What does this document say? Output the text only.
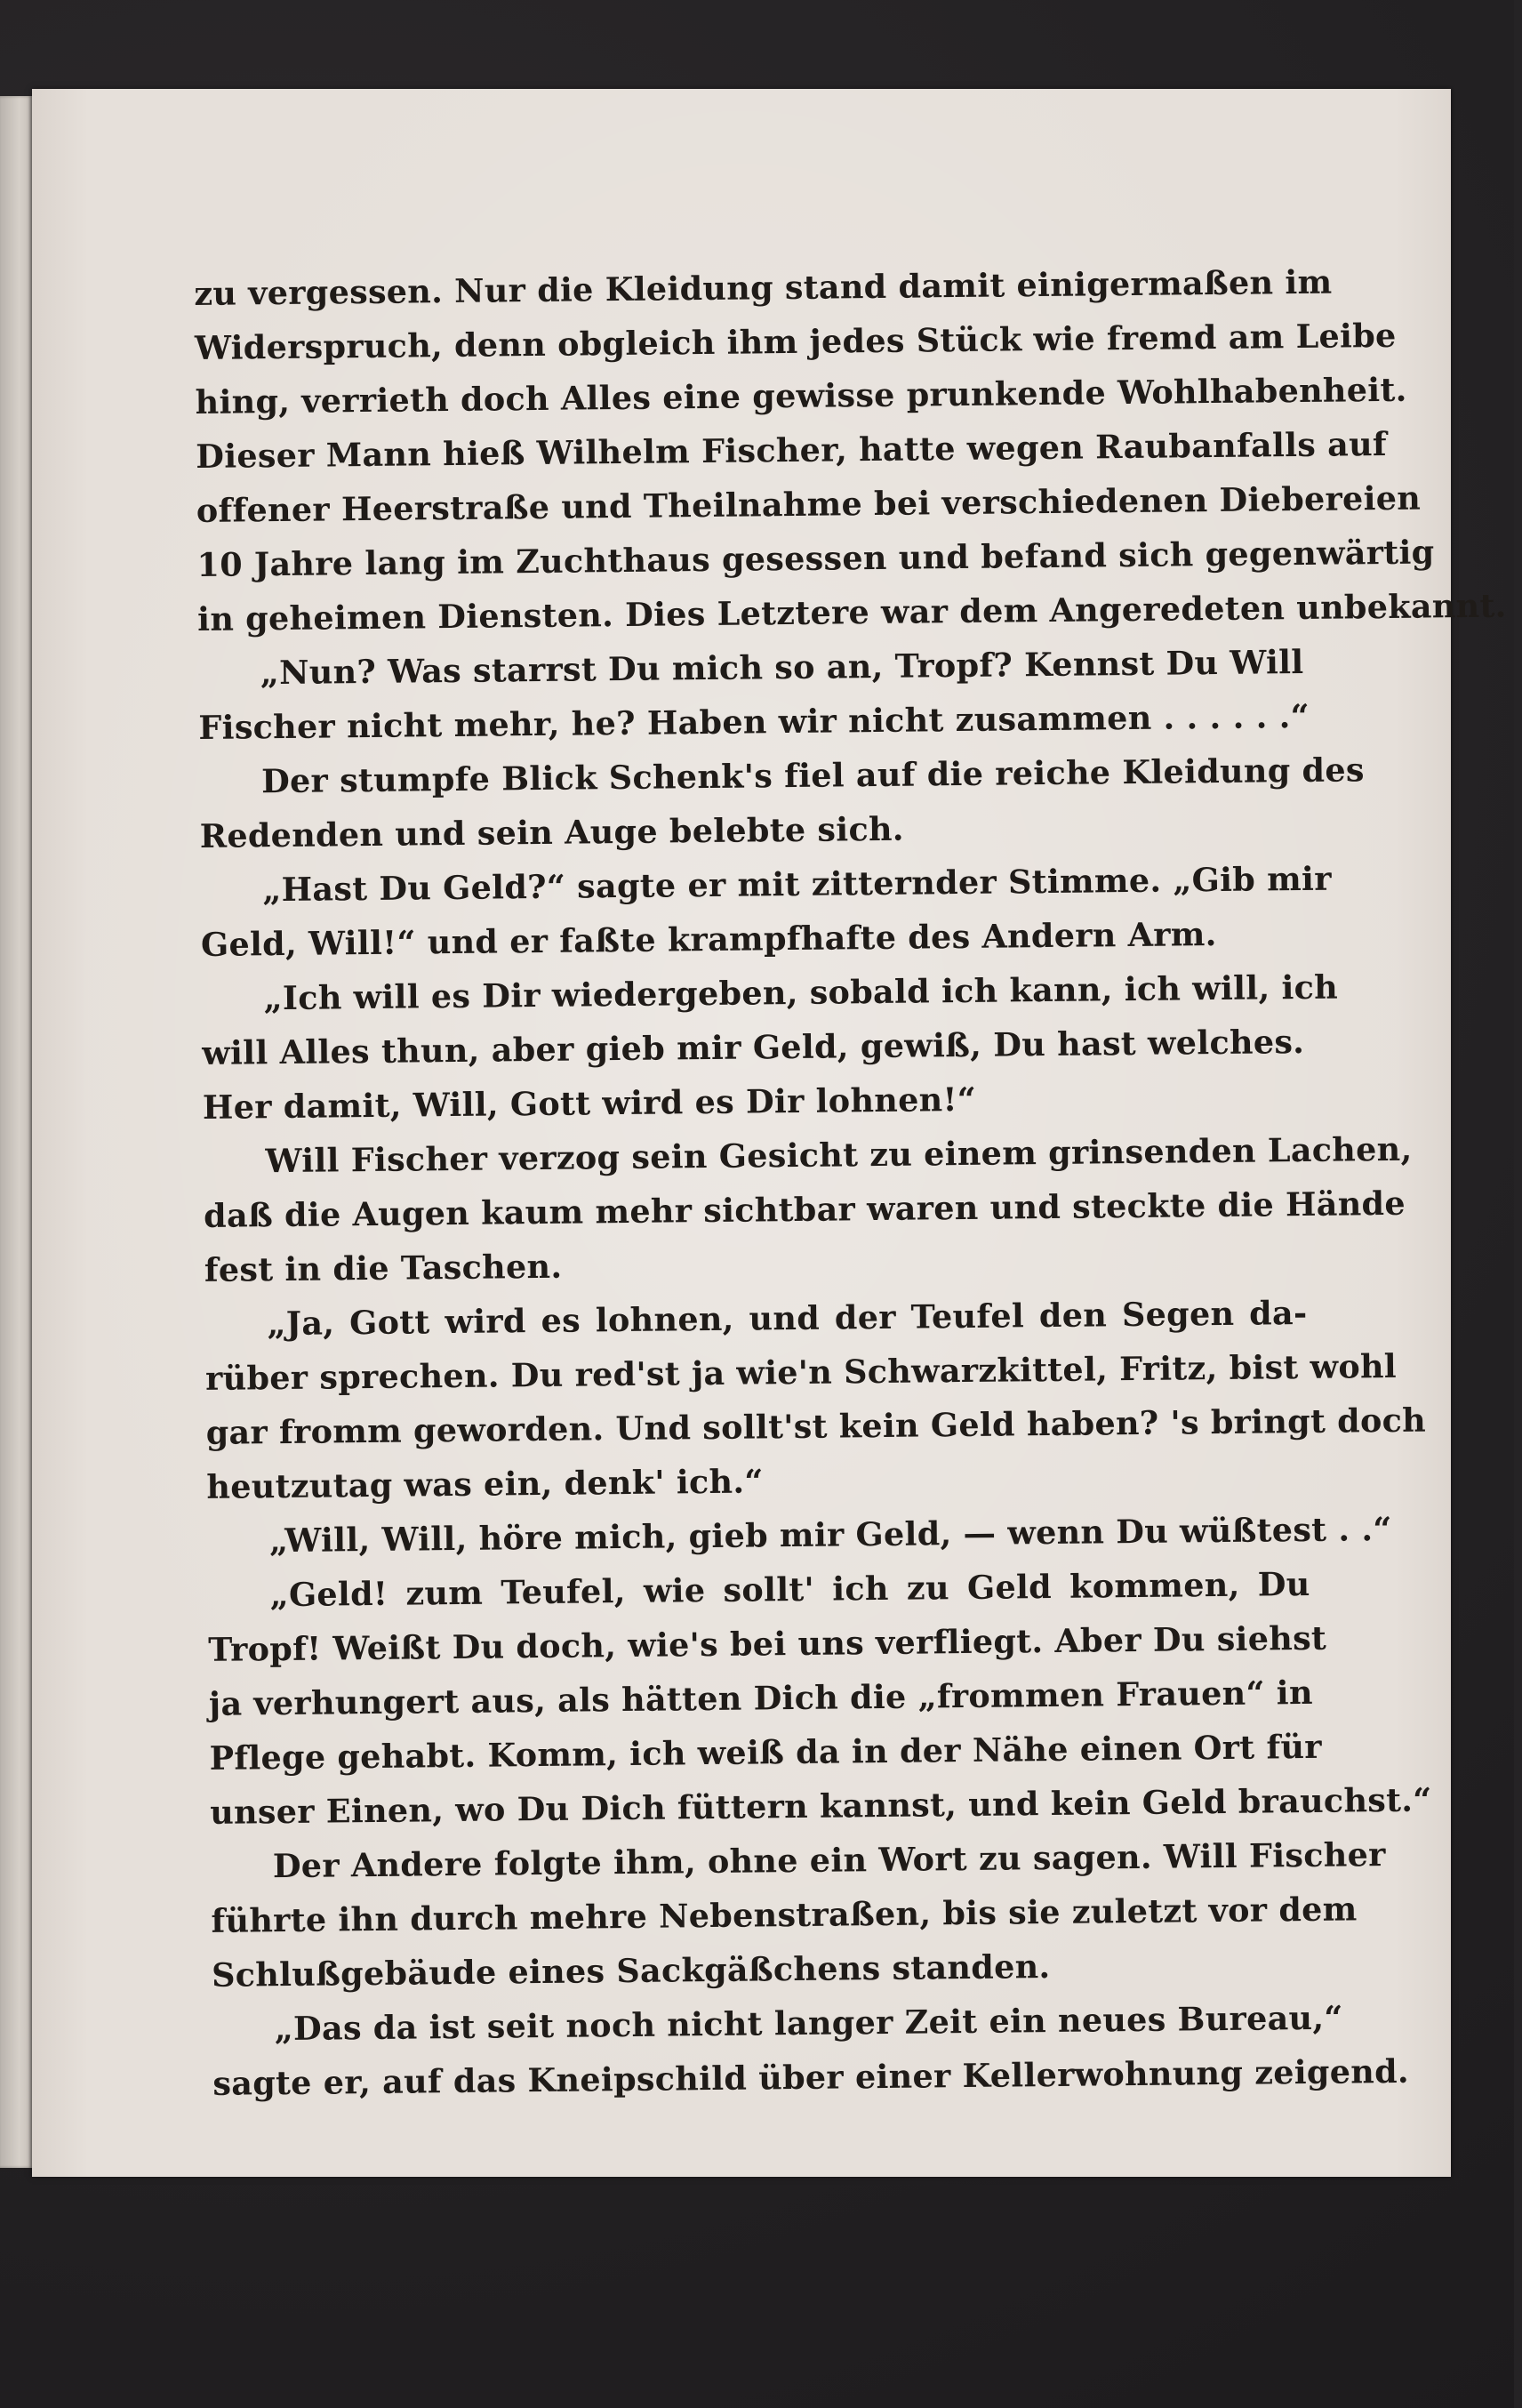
zu vergessen. Nur die Kleidung stand damit einigermaßen im
Widerspruch, denn obgleich ihm jedes Stück wie fremd am Leibe
hing, verrieth doch Alles eine gewisse prunkende Wohlhabenheit.
Dieser Mann hieß Wilhelm Fischer, hatte wegen Raubanfalls auf
offener Heerstraße und Theilnahme bei verschiedenen Diebereien
10 Jahre lang im Zuchthaus gesessen und befand sich gegenwärtig
in geheimen Diensten. Dies Letztere war dem Angeredeten unbekannt.
„Nun? Was starrst Du mich so an, Tropf? Kennst Du Will
Fischer nicht mehr, he? Haben wir nicht zusammen . . . . . .“
Der stumpfe Blick Schenk's fiel auf die reiche Kleidung des
Redenden und sein Auge belebte sich.
„Hast Du Geld?“ sagte er mit zitternder Stimme. „Gib mir
Geld, Will!“ und er faßte krampfhafte des Andern Arm.
„Ich will es Dir wiedergeben, sobald ich kann, ich will, ich
will Alles thun, aber gieb mir Geld, gewiß, Du hast welches.
Her damit, Will, Gott wird es Dir lohnen!“
Will Fischer verzog sein Gesicht zu einem grinsenden Lachen,
daß die Augen kaum mehr sichtbar waren und steckte die Hände
fest in die Taschen.
„Ja, Gott wird es lohnen, und der Teufel den Segen da-
rüber sprechen. Du red'st ja wie'n Schwarzkittel, Fritz, bist wohl
gar fromm geworden. Und sollt'st kein Geld haben? 's bringt doch
heutzutag was ein, denk' ich.“
„Will, Will, höre mich, gieb mir Geld, — wenn Du wüßtest . .“
„Geld! zum Teufel, wie sollt' ich zu Geld kommen, Du
Tropf! Weißt Du doch, wie's bei uns verfliegt. Aber Du siehst
ja verhungert aus, als hätten Dich die „frommen Frauen“ in
Pflege gehabt. Komm, ich weiß da in der Nähe einen Ort für
unser Einen, wo Du Dich füttern kannst, und kein Geld brauchst.“
Der Andere folgte ihm, ohne ein Wort zu sagen. Will Fischer
führte ihn durch mehre Nebenstraßen, bis sie zuletzt vor dem
Schlußgebäude eines Sackgäßchens standen.
„Das da ist seit noch nicht langer Zeit ein neues Bureau,“
sagte er, auf das Kneipschild über einer Kellerwohnung zeigend.
